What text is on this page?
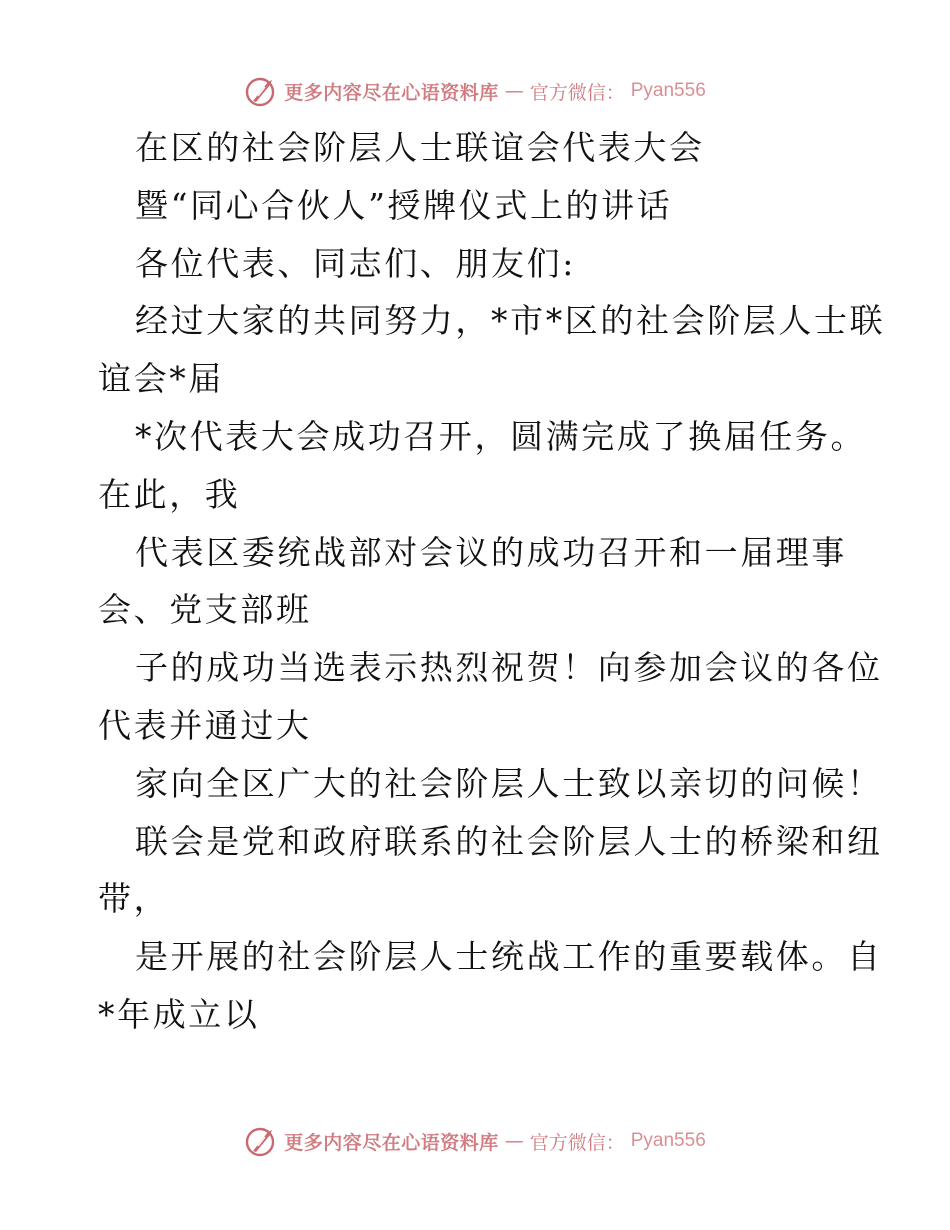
更多内容尽在心语资料库 — 官方微信： Pyan556
在区的社会阶层人士联谊会代表大会
暨“同心合伙人”授牌仪式上的讲话
各位代表、同志们、朋友们:
经过大家的共同努力，*市*区的社会阶层人士联
谊会*届
*次代表大会成功召开，圆满完成了换届任务。
在此，我
代表区委统战部对会议的成功召开和一届理事
会、党支部班
子的成功当选表示热烈祝贺！向参加会议的各位
代表并通过大
家向全区广大的社会阶层人士致以亲切的问候！
联会是党和政府联系的社会阶层人士的桥梁和纽
带，
是开展的社会阶层人士统战工作的重要载体。自
*年成立以
更多内容尽在心语资料库 — 官方微信： Pyan556
